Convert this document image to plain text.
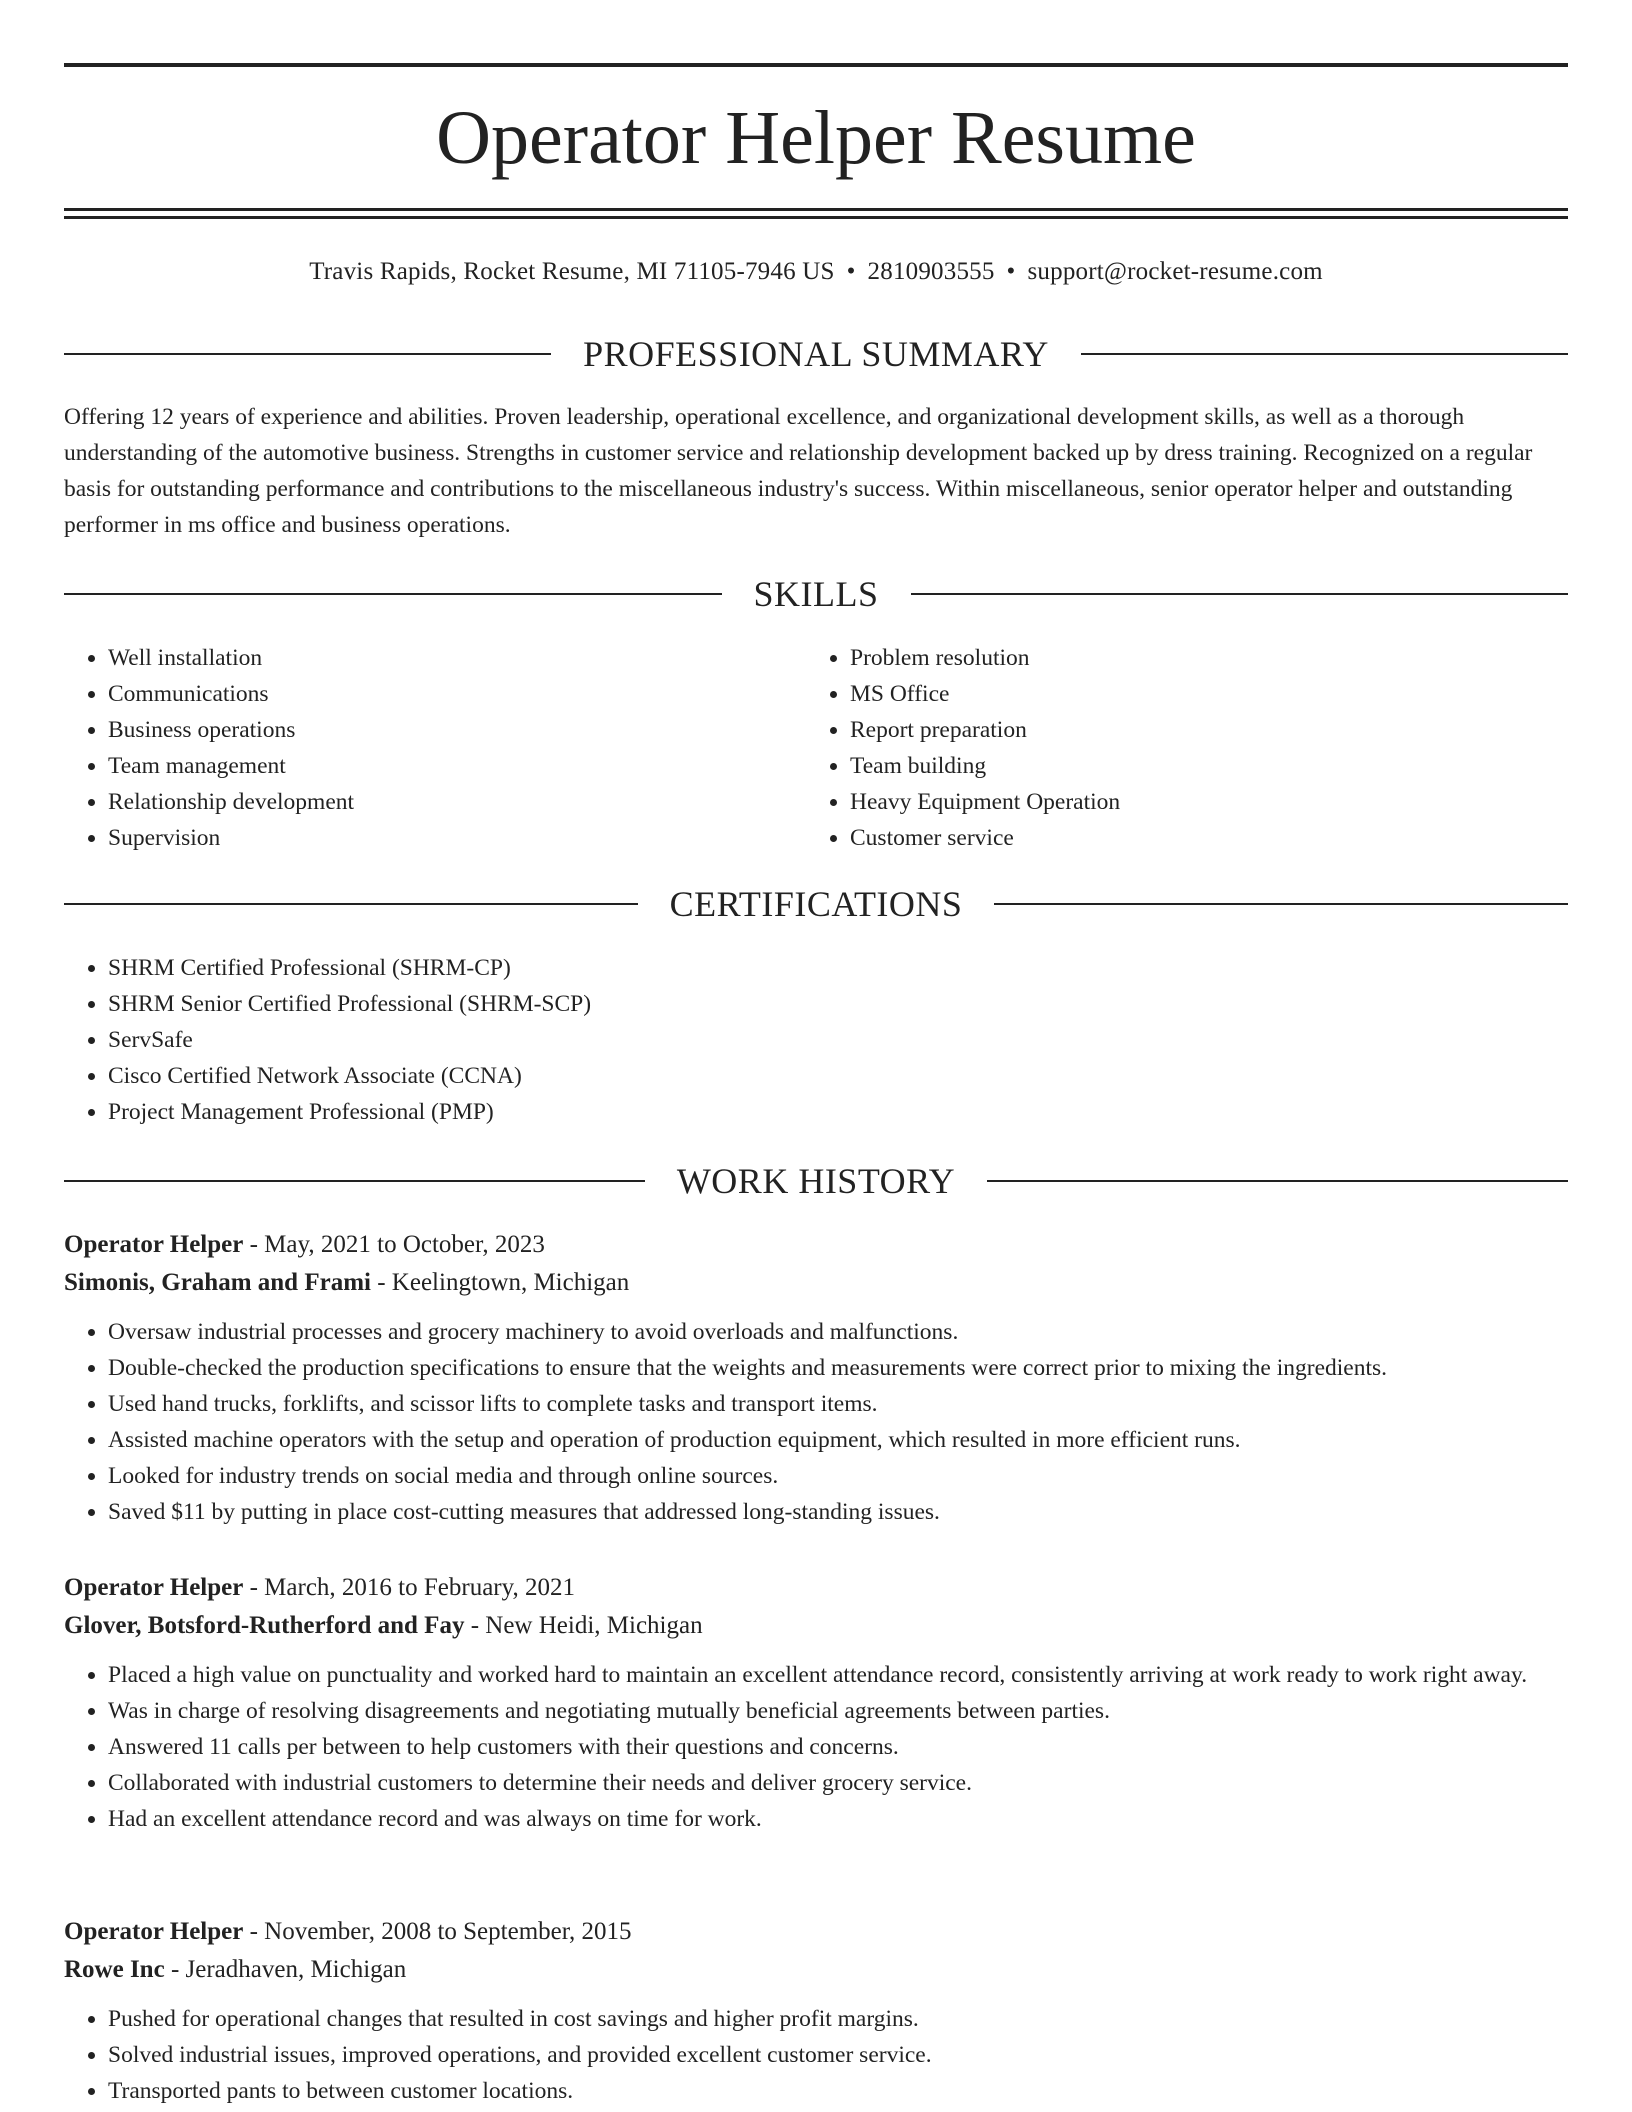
Operator Helper Resume
Travis Rapids, Rocket Resume, MI 71105-7946 US • 2810903555 • support@rocket-resume.com
PROFESSIONAL SUMMARY

Offering 12 years of experience and abilities. Proven leadership, operational excellence, and organizational development skills, as well as a thorough understanding of the automotive business. Strengths in customer service and relationship development backed up by dress training. Recognized on a regular basis for outstanding performance and contributions to the miscellaneous industry's success. Within miscellaneous, senior operator helper and outstanding performer in ms office and business operations.

SKILLS
• Well installation
• Communications
• Business operations
• Team management
• Relationship development
• Supervision
• Problem resolution
• MS Office
• Report preparation
• Team building
• Heavy Equipment Operation
• Customer service
CERTIFICATIONS
• SHRM Certified Professional (SHRM-CP)
• SHRM Senior Certified Professional (SHRM-SCP)
• ServSafe
• Cisco Certified Network Associate (CCNA)
• Project Management Professional (PMP)
WORK HISTORY

Operator Helper - May, 2021 to October, 2023

Simonis, Graham and Frami - Keelingtown, Michigan

• Oversaw industrial processes and grocery machinery to avoid overloads and malfunctions.
• Double-checked the production specifications to ensure that the weights and measurements were correct prior to mixing the ingredients.
• Used hand trucks, forklifts, and scissor lifts to complete tasks and transport items.
• Assisted machine operators with the setup and operation of production equipment, which resulted in more efficient runs.
• Looked for industry trends on social media and through online sources.
• Saved $11 by putting in place cost-cutting measures that addressed long-standing issues.

Operator Helper - March, 2016 to February, 2021

Glover, Botsford-Rutherford and Fay - New Heidi, Michigan

• Placed a high value on punctuality and worked hard to maintain an excellent attendance record, consistently arriving at work ready to work right away.
• Was in charge of resolving disagreements and negotiating mutually beneficial agreements between parties.
• Answered 11 calls per between to help customers with their questions and concerns.
• Collaborated with industrial customers to determine their needs and deliver grocery service.
• Had an excellent attendance record and was always on time for work.

Operator Helper - November, 2008 to September, 2015

Rowe Inc - Jeradhaven, Michigan

• Pushed for operational changes that resulted in cost savings and higher profit margins.
• Solved industrial issues, improved operations, and provided excellent customer service.
• Transported pants to between customer locations.
